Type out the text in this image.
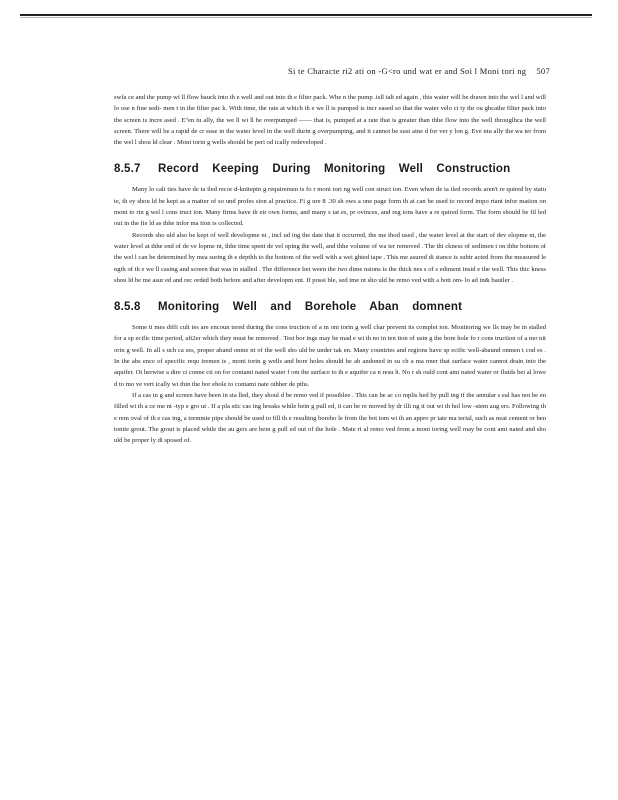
Si te Characte ri2 ati on -G<ro und wat er and Soi l Moni tori ng 507

swfa ce and the pump wi ll flow bauck into th e well and out into th e filter pack. Whe n the pump .isll talt ed again , this water will be drawn into the wel l and will lo ose n fine sedi- men t in the filter pac k. With time, the rate at which th e we ll is pumped is incr eased so that the water velo ci ty thr ou ghcathe filter pack into the screen is incre ased . E"en tu ally, the we ll wi ll be overpumped —— that is, pumped at a rate that is greater than thhe flow into the well througlhca the well screen. There will be a rapid de cr ease in the water level in the well durin g overpumping, and it cannot be sust aine d for ver y lon g. Eve ntu ally the wa ter from the wel l shou ld clear . Moni torin g wells should be peri od ically redeveloped .

8.5.7 Record Keeping During Monitoring Well Construction

Many lo cali ties have de ta iled recor d-knitepin g requiremen ts fo r moni tori ng well con struct ion. Even when de ta iled records aren't re quired by statu te, th ey shou ld be kept as a matter of so und profes sion al practice. Fi g ure 8 .30 sh ows a one page form th at can be used to record impo rtant infor mation on moni to rin g wel l cons truct ion. Many firms have th eir own forms, and many s tat es, pr ovinces, and reg ions have a re quired form. The form should be fil led out in the fie ld as thhe infor ma tion is collected.

Records sho uld also be kept of well developme nt , incl ud ing the date that it occurred, the me thod used , the water level at the start of dev elopme nt, the water level at thhe end of de ve lopme nt, thhe time spent de vel oping the well, and thhe volume of wa ter removed . The thi ckness of sedimen t on thhe bottom of the wel l can be determined by mea suring th e depthh to the bottom of the well with a wei ghted tape . This me asured di stance is subtr acted from the measured le ngth of th e we ll casing and screen that was in stalled . The difference bet ween the two dime nsions is the thick nes s of s ediment insid e the well. This thic kness shou ld be me asur ed and rec orded both before and after developm ent. If possi ble, sed ime nt sho uld be remo ved with a bott om- lo ad in& bauiler .

8.5.8 Monitoring Well and Borehole Aban domnent

Some ti mes diffi cult ies are encoun tered during the cons truction of a m oni torin g well char prevent its complet ion. Monitoring we lls may be in stalled for a sp ecific time period, aft2er which they must be removed . Test bor ings may be mad e wi th no in ten tion of usin g the bore hole fo r cons truction of a mo nit orin g well. In all s uch ca ses, proper aband onme nt of the well sho uld be under tak en. Many countries and regions have sp ecific well-abaund onmen t cod es . In the abs ence of specific requ iremen ts , moni torin g wells and bore holes should be ab andoned in su ch a ma nner that surface water cannot drain into the aquifer. Ot herwise a dire ct conne cti on for contami nated water f om the surface to th e aquifer ca n resu lt. No r sh ould cont ami nated water or fluids bei al lowe d to mo ve vert ically wi thin the bor ehole to contami nate othher de pths.

If a cas in g and screen have been in sta lled, they shoul d be remo ved if possiblee . This can be ac co mplis hed by pull ing if the annular s eal has not be en filled wi th a ce me nt -typ e gro ut . If a pla stic cas ing breaks while bein g pull ed, it can be re moved by dr illi ng it out wi th hol low -stem aug ers. Following th e rem oval of th e cas ing, a tremmie pipe should be used to fill th e resulting boreho le from the bot tom wi th an appro pr iate ma terial, such as neat cement or ben tonite grout. The grout is placed while the au gers are bein g pull ed out of the hole . Mate ri al remo ved from a moni toring well may be cont ami nated and sho uld be proper ly di sposed of.
